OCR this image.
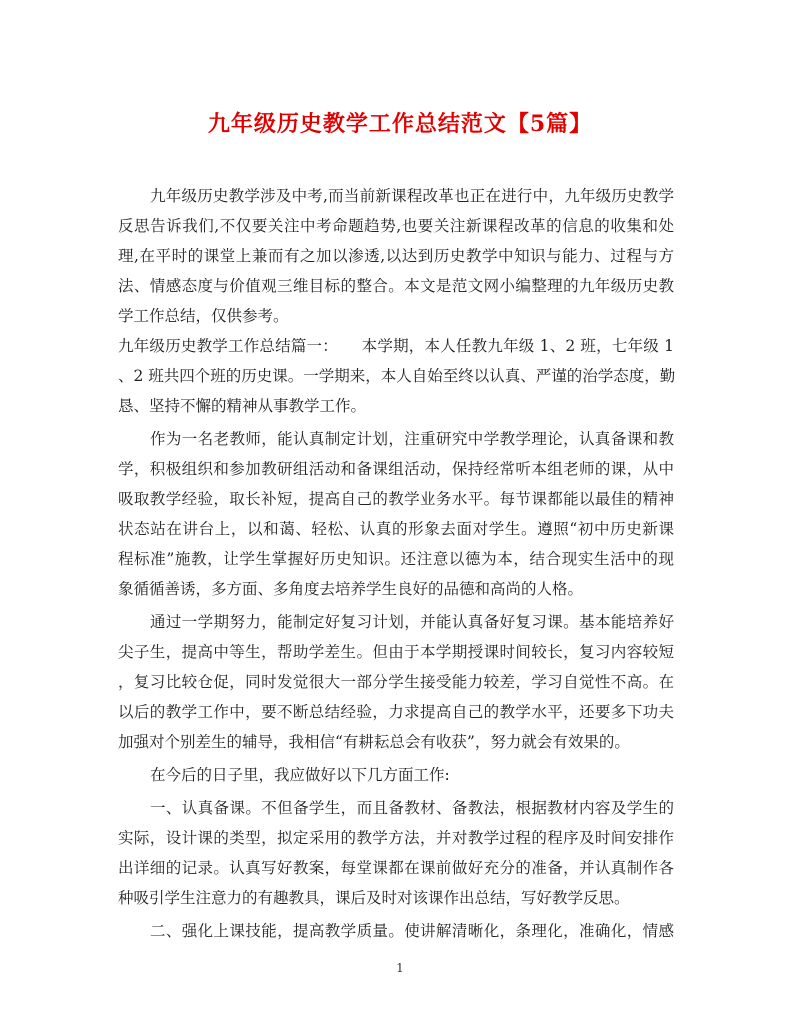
九年级历史教学工作总结范文【5篇】
九年级历史教学涉及中考,而当前新课程改革也正在进行中，九年级历史教学
反思告诉我们,不仅要关注中考命题趋势,也要关注新课程改革的信息的收集和处
理,在平时的课堂上兼而有之加以渗透,以达到历史教学中知识与能力、过程与方
法、情感态度与价值观三维目标的整合。本文是范文网小编整理的九年级历史教
学工作总结，仅供参考。
九年级历史教学工作总结篇一：　　本学期，本人任教九年级 1、2 班，七年级 1
、2 班共四个班的历史课。一学期来，本人自始至终以认真、严谨的治学态度，勤
恳、坚持不懈的精神从事教学工作。
作为一名老教师，能认真制定计划，注重研究中学教学理论，认真备课和教
学，积极组织和参加教研组活动和备课组活动，保持经常听本组老师的课，从中
吸取教学经验，取长补短，提高自己的教学业务水平。每节课都能以最佳的精神
状态站在讲台上，以和蔼、轻松、认真的形象去面对学生。遵照“初中历史新课
程标准”施教，让学生掌握好历史知识。还注意以德为本，结合现实生活中的现
象循循善诱，多方面、多角度去培养学生良好的品德和高尚的人格。
通过一学期努力，能制定好复习计划，并能认真备好复习课。基本能培养好
尖子生，提高中等生，帮助学差生。但由于本学期授课时间较长，复习内容较短
，复习比较仓促，同时发觉很大一部分学生接受能力较差，学习自觉性不高。在
以后的教学工作中，要不断总结经验，力求提高自己的教学水平，还要多下功夫
加强对个别差生的辅导，我相信“有耕耘总会有收获”，努力就会有效果的。
在今后的日子里，我应做好以下几方面工作:
一、认真备课。不但备学生，而且备教材、备教法，根据教材内容及学生的
实际，设计课的类型，拟定采用的教学方法，并对教学过程的程序及时间安排作
出详细的记录。认真写好教案，每堂课都在课前做好充分的准备，并认真制作各
种吸引学生注意力的有趣教具，课后及时对该课作出总结，写好教学反思。
二、强化上课技能，提高教学质量。使讲解清晰化，条理化，准确化，情感
1
